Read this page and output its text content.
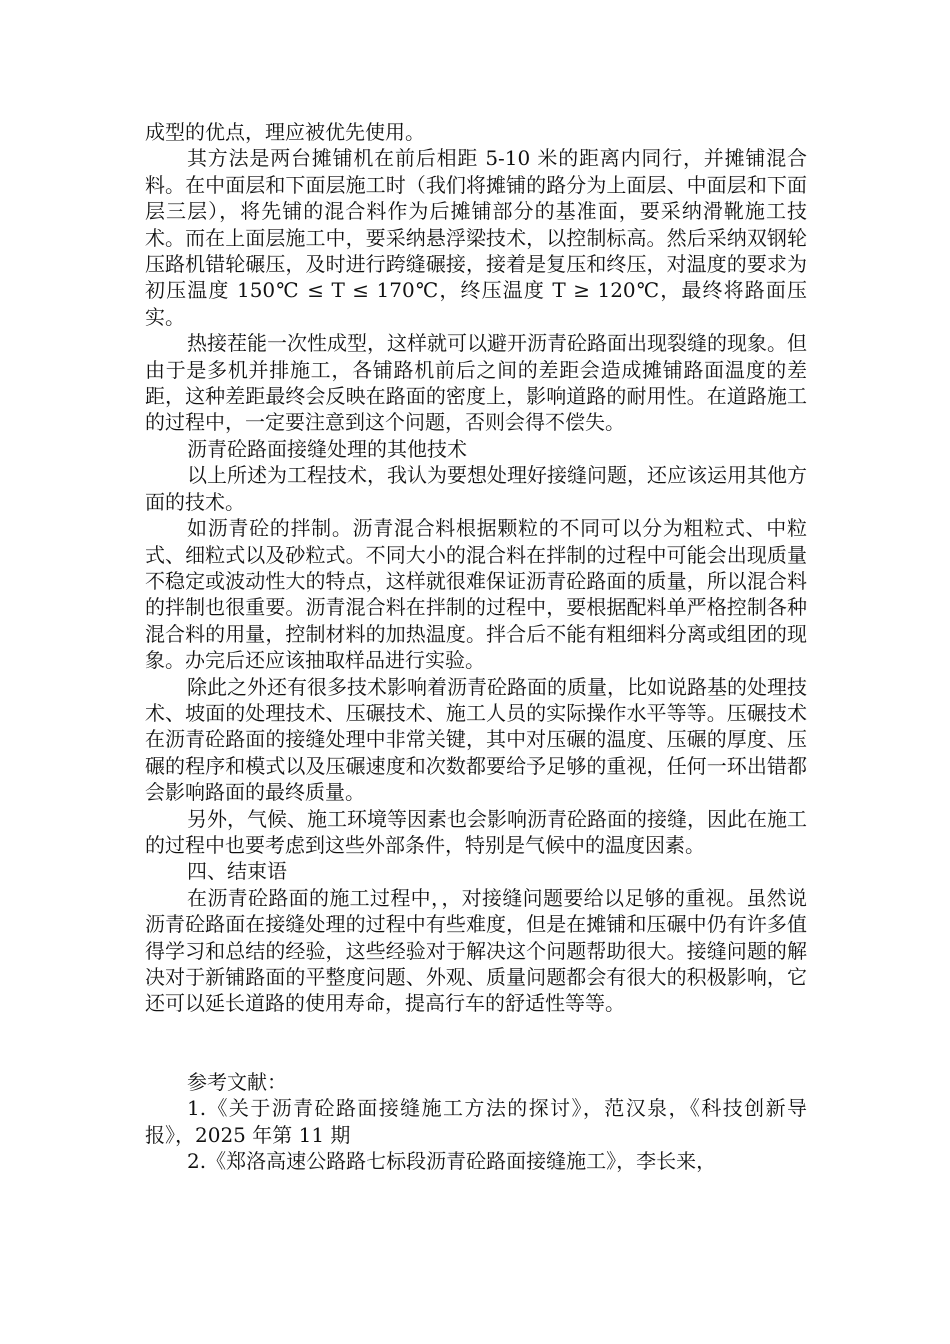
成型的优点，理应被优先使用。

其方法是两台摊铺机在前后相距 5-10 米的距离内同行，并摊铺混合料。在中面层和下面层施工时（我们将摊铺的路分为上面层、中面层和下面层三层），将先铺的混合料作为后摊铺部分的基准面，要采纳滑靴施工技术。而在上面层施工中，要采纳悬浮梁技术，以控制标高。然后采纳双钢轮压路机错轮碾压，及时进行跨缝碾接，接着是复压和终压，对温度的要求为初压温度 150℃ ≤ T ≤ 170℃，终压温度 T ≥ 120℃，最终将路面压实。

热接茬能一次性成型，这样就可以避开沥青砼路面出现裂缝的现象。但由于是多机并排施工，各铺路机前后之间的差距会造成摊铺路面温度的差距，这种差距最终会反映在路面的密度上，影响道路的耐用性。在道路施工的过程中，一定要注意到这个问题，否则会得不偿失。

沥青砼路面接缝处理的其他技术

以上所述为工程技术，我认为要想处理好接缝问题，还应该运用其他方面的技术。

如沥青砼的拌制。沥青混合料根据颗粒的不同可以分为粗粒式、中粒式、细粒式以及砂粒式。不同大小的混合料在拌制的过程中可能会出现质量不稳定或波动性大的特点，这样就很难保证沥青砼路面的质量，所以混合料的拌制也很重要。沥青混合料在拌制的过程中，要根据配料单严格控制各种混合料的用量，控制材料的加热温度。拌合后不能有粗细料分离或组团的现象。办完后还应该抽取样品进行实验。

除此之外还有很多技术影响着沥青砼路面的质量，比如说路基的处理技术、坡面的处理技术、压碾技术、施工人员的实际操作水平等等。压碾技术在沥青砼路面的接缝处理中非常关键，其中对压碾的温度、压碾的厚度、压碾的程序和模式以及压碾速度和次数都要给予足够的重视，任何一环出错都会影响路面的最终质量。

另外，气候、施工环境等因素也会影响沥青砼路面的接缝，因此在施工的过程中也要考虑到这些外部条件，特别是气候中的温度因素。

四、结束语

在沥青砼路面的施工过程中，，对接缝问题要给以足够的重视。虽然说沥青砼路面在接缝处理的过程中有些难度，但是在摊铺和压碾中仍有许多值得学习和总结的经验，这些经验对于解决这个问题帮助很大。接缝问题的解决对于新铺路面的平整度问题、外观、质量问题都会有很大的积极影响，它还可以延长道路的使用寿命，提高行车的舒适性等等。

参考文献：

1.《关于沥青砼路面接缝施工方法的探讨》，范汉泉，《科技创新导报》，2025 年第 11 期

2.《郑洛高速公路路七标段沥青砼路面接缝施工》，李长来，
